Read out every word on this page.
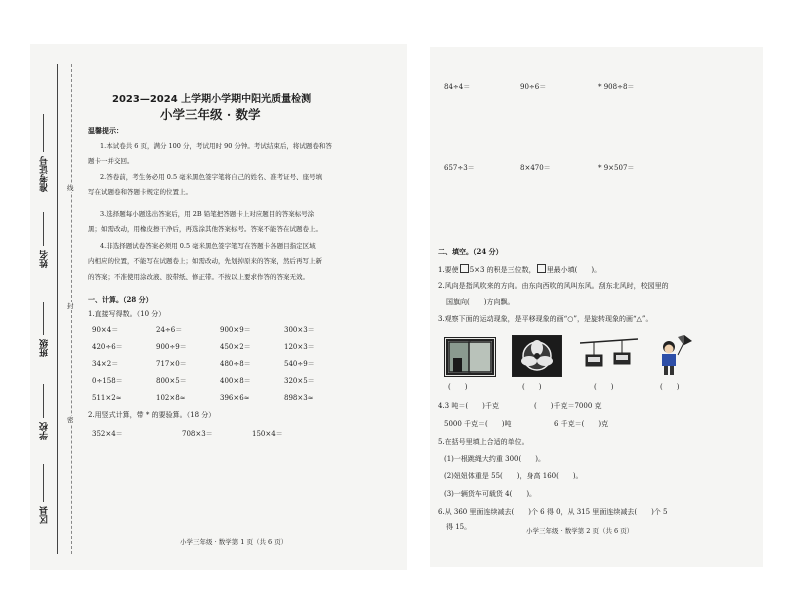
准考证号
姓名
班级
学校
区县
线
封
密
2023—2024 上学期小学期中阳光质量检测
小学三年级 · 数学
温馨提示：
1.本试卷共 6 页，满分 100 分，考试用时 90 分钟。考试结束后，将试题卷和答
题卡一并交回。
2.答卷前，考生务必用 0.5 毫米黑色签字笔将自己的姓名、准考证号、座号填
写在试题卷和答题卡规定的位置上。
3.选择题每小题选出答案后，用 2B 铅笔把答题卡上对应题目的答案标号涂
黑；如需改动，用橡皮擦干净后，再选涂其他答案标号。答案不能答在试题卷上。
4.非选择题试卷答案必须用 0.5 毫米黑色签字笔写在答题卡各题目指定区域
内相应的位置，不能写在试题卷上；如需改动，先划掉原来的答案，然后再写上新
的答案；不准使用涂改液、胶带纸、修正带。不按以上要求作答的答案无效。
一、计算。（28 分）
1.直接写得数。（10 分）
90×4＝	24÷6＝	900×9＝	300×3＝
420÷6＝	900÷9＝	450×2＝	120×3＝
34×2＝	717×0＝	480÷8＝	540÷9＝
0÷158＝	800×5＝	400×8＝	320×5＝
511×2≈	102×8≈	396×6≈	898×3≈
2.用竖式计算，带 * 的要验算。（18 分）
352×4＝	708×3＝	150×4＝
小学三年级 · 数学第 1 页（共 6 页）
84÷4＝	90÷6＝	* 908÷8＝
657÷3＝	8×470＝	* 9×507＝
二、填空。（24 分）
1.要使 5×3 的积是三位数， 里最小填(　　)。
2.风向是指风吹来的方向。由东向西吹的风叫东风。刮东北风时，校园里的
国旗向(　　)方向飘。
3.观察下面的运动现象，是平移现象的画“○”，是旋转现象的画“△”。
(　　)	(　　)	(　　)	(　　)
4.3 吨＝(　　)千克	(　　)千克＝7000 克
5000 千克＝(　　)吨	6 千克＝(　　)克
5.在括号里填上合适的单位。
(1)一根跳绳大约重 300(　　)。
(2)妞妞体重是 55(　　)，身高 160(　　)。
(3)一辆货车可载货 4(　　)。
6.从 360 里面连续减去(　　)个 6 得 0，从 315 里面连续减去(　　)个 5
得 15。	小学三年级 · 数学第 2 页（共 6 页）
